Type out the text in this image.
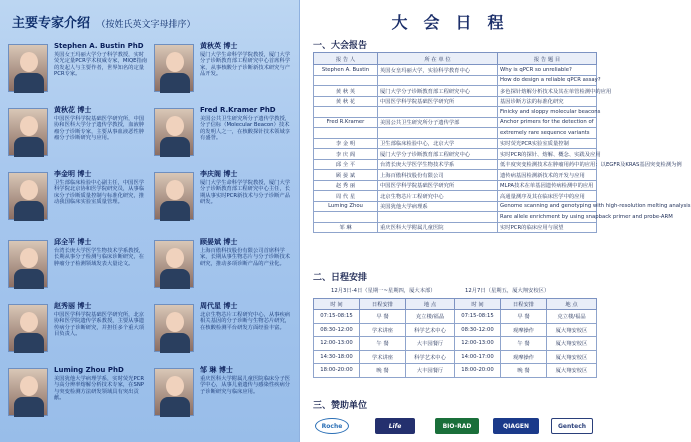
主要专家介绍 （按姓氏英文字母排序）
Stephen A. Bustin PhD
英国女王玛丽大学分子科学教授，实时荧光定量PCR学术权威专家，MIQE指南的发起人与主要作者，世界知名的定量PCR专家。
黄秋花 博士
中国医学科学院基础医学研究所，中国协和医科大学分子遗传学教授，血液肿瘤分子诊断专家，主要从事血液恶性肿瘤分子诊断研究与应用。
李金明 博士
卫生部临床检验中心副主任，中国医学科学院北京协和医学院研究员，从事临床分子诊断质量控制与标准化研究，推动我国临床实验室质量管理。
邱全平 博士
台湾长庚大学医学生物技术学系教授，长期从事分子检测与临床诊断研究，在肿瘤分子检测领域发表大量论文。
赵秀丽 博士
中国医学科学院基础医学研究所，北京协和医学院遗传学系教授，主要从事遗传病分子诊断研究，并担任多个重大项目负责人。
Luming Zhou PhD
美国犹他大学病理学系，实时荧光PCR与高分辨率熔解分析技术专家，在SNP与突变检测方法研发领域具有突出贡献。
黄秋英 博士
厦门大学生命科学学院教授，厦门大学分子诊断教育部工程研究中心首席科学家，从事核酸分子诊断新技术研究与产品开发。
Fred R.Kramer PhD
美国公共卫生研究所分子遗传学教授，分子信标（Molecular Beacon）技术的发明人之一，在核酸探针技术领域享有盛誉。
李庆阁 博士
厦门大学生命科学学院教授，厦门大学分子诊断教育部工程研究中心主任，长期从事实时PCR新技术与分子诊断产品研发。
顾晏斌 博士
上海百傲科技股份有限公司首席科学家，长期从事生物芯片与分子诊断技术研究，推动多项诊断产品的产业化。
周代星 博士
北京生物芯片工程研究中心，从事疾病相关基因的分子诊断与生物芯片研究，在核酸检测平台研发方面经验丰富。
邹 琳 博士
重庆医科大学附属儿童医院临床分子医学中心，从事儿童遗传与感染性疾病分子诊断研究与临床应用。
大 会 日 程
一、大会报告
报 告 人	所 在 单 位	报 告 题 目
Stephen A. Bustin	英国女皇玛丽大学，实验科学教育中心	Why is qPCR so unreliable?
		How do design a reliable qPCR assay?
黄 秋 英	厦门大学分子诊断教育部工程研究中心	多色探针熔解分析技术及其在单管检测中的应用
黄 秋 花	中国医学科学院基础医学研究所	基因诊断方法的标准化研究
		Finicky and sloppy molecular beacons
Fred R.Kramer	美国公共卫生研究所分子遗传学部	Anchor primers for the detection of
		extremely rare sequence variants
李 金 明	卫生部临床检验中心，北京大学	实时荧光PCR实验室质量控制
李 庆 阁	厦门大学分子诊断教育部工程研究中心	实时PCR的探针、熔解、概念、实践及应用
邱 全 平	台湾长庚大学医学生物技术学系	低丰度突变检测技术在肿瘤用药中的应用：以EGFR及KRAS基因突变检测为例
顾 晏 斌	上海百傲科技股份有限公司	遗传病基因检测新技术的开发与应用
赵 秀 丽	中国医学科学院基础医学研究所	MLPA技术在单基因遗传病检测中的应用
周 代 星	北京生物芯片工程研究中心	高通量测序及其在临床医学中的应用
Luming Zhou	美国犹他大学病理系	Genome scanning and genotyping with high-resolution melting analysis
		Rare allele enrichment by using snapback primer and probe-ARM
邹 琳	重庆医科大学附属儿童医院	实时PCR的临床应用与展望
二、日程安排
12月3日-4日（星期一~星期四，厦大本部）	12月7日（星期五，厦大翔安校区）
时 间	日程安排	地 点	时 间	日程安排	地 点
07:15-08:15	早 餐	克立楼/福晶	07:15-08:15	早 餐	克立楼/福晶
08:30-12:00	学术讲座	科学艺术中心	08:30-12:00	观摩操作	厦大翔安校区
12:00-13:00	午 餐	大丰园餐厅	12:00-13:00	午 餐	厦大翔安校区
14:30-18:00	学术讲座	科学艺术中心	14:00-17:00	观摩操作	厦大翔安校区
18:00-20:00	晚 餐	大丰园餐厅	18:00-20:00	晚 餐	厦大翔安校区
三、赞助单位
Roche	Life	BIO-RAD	QIAGEN	Gentech
